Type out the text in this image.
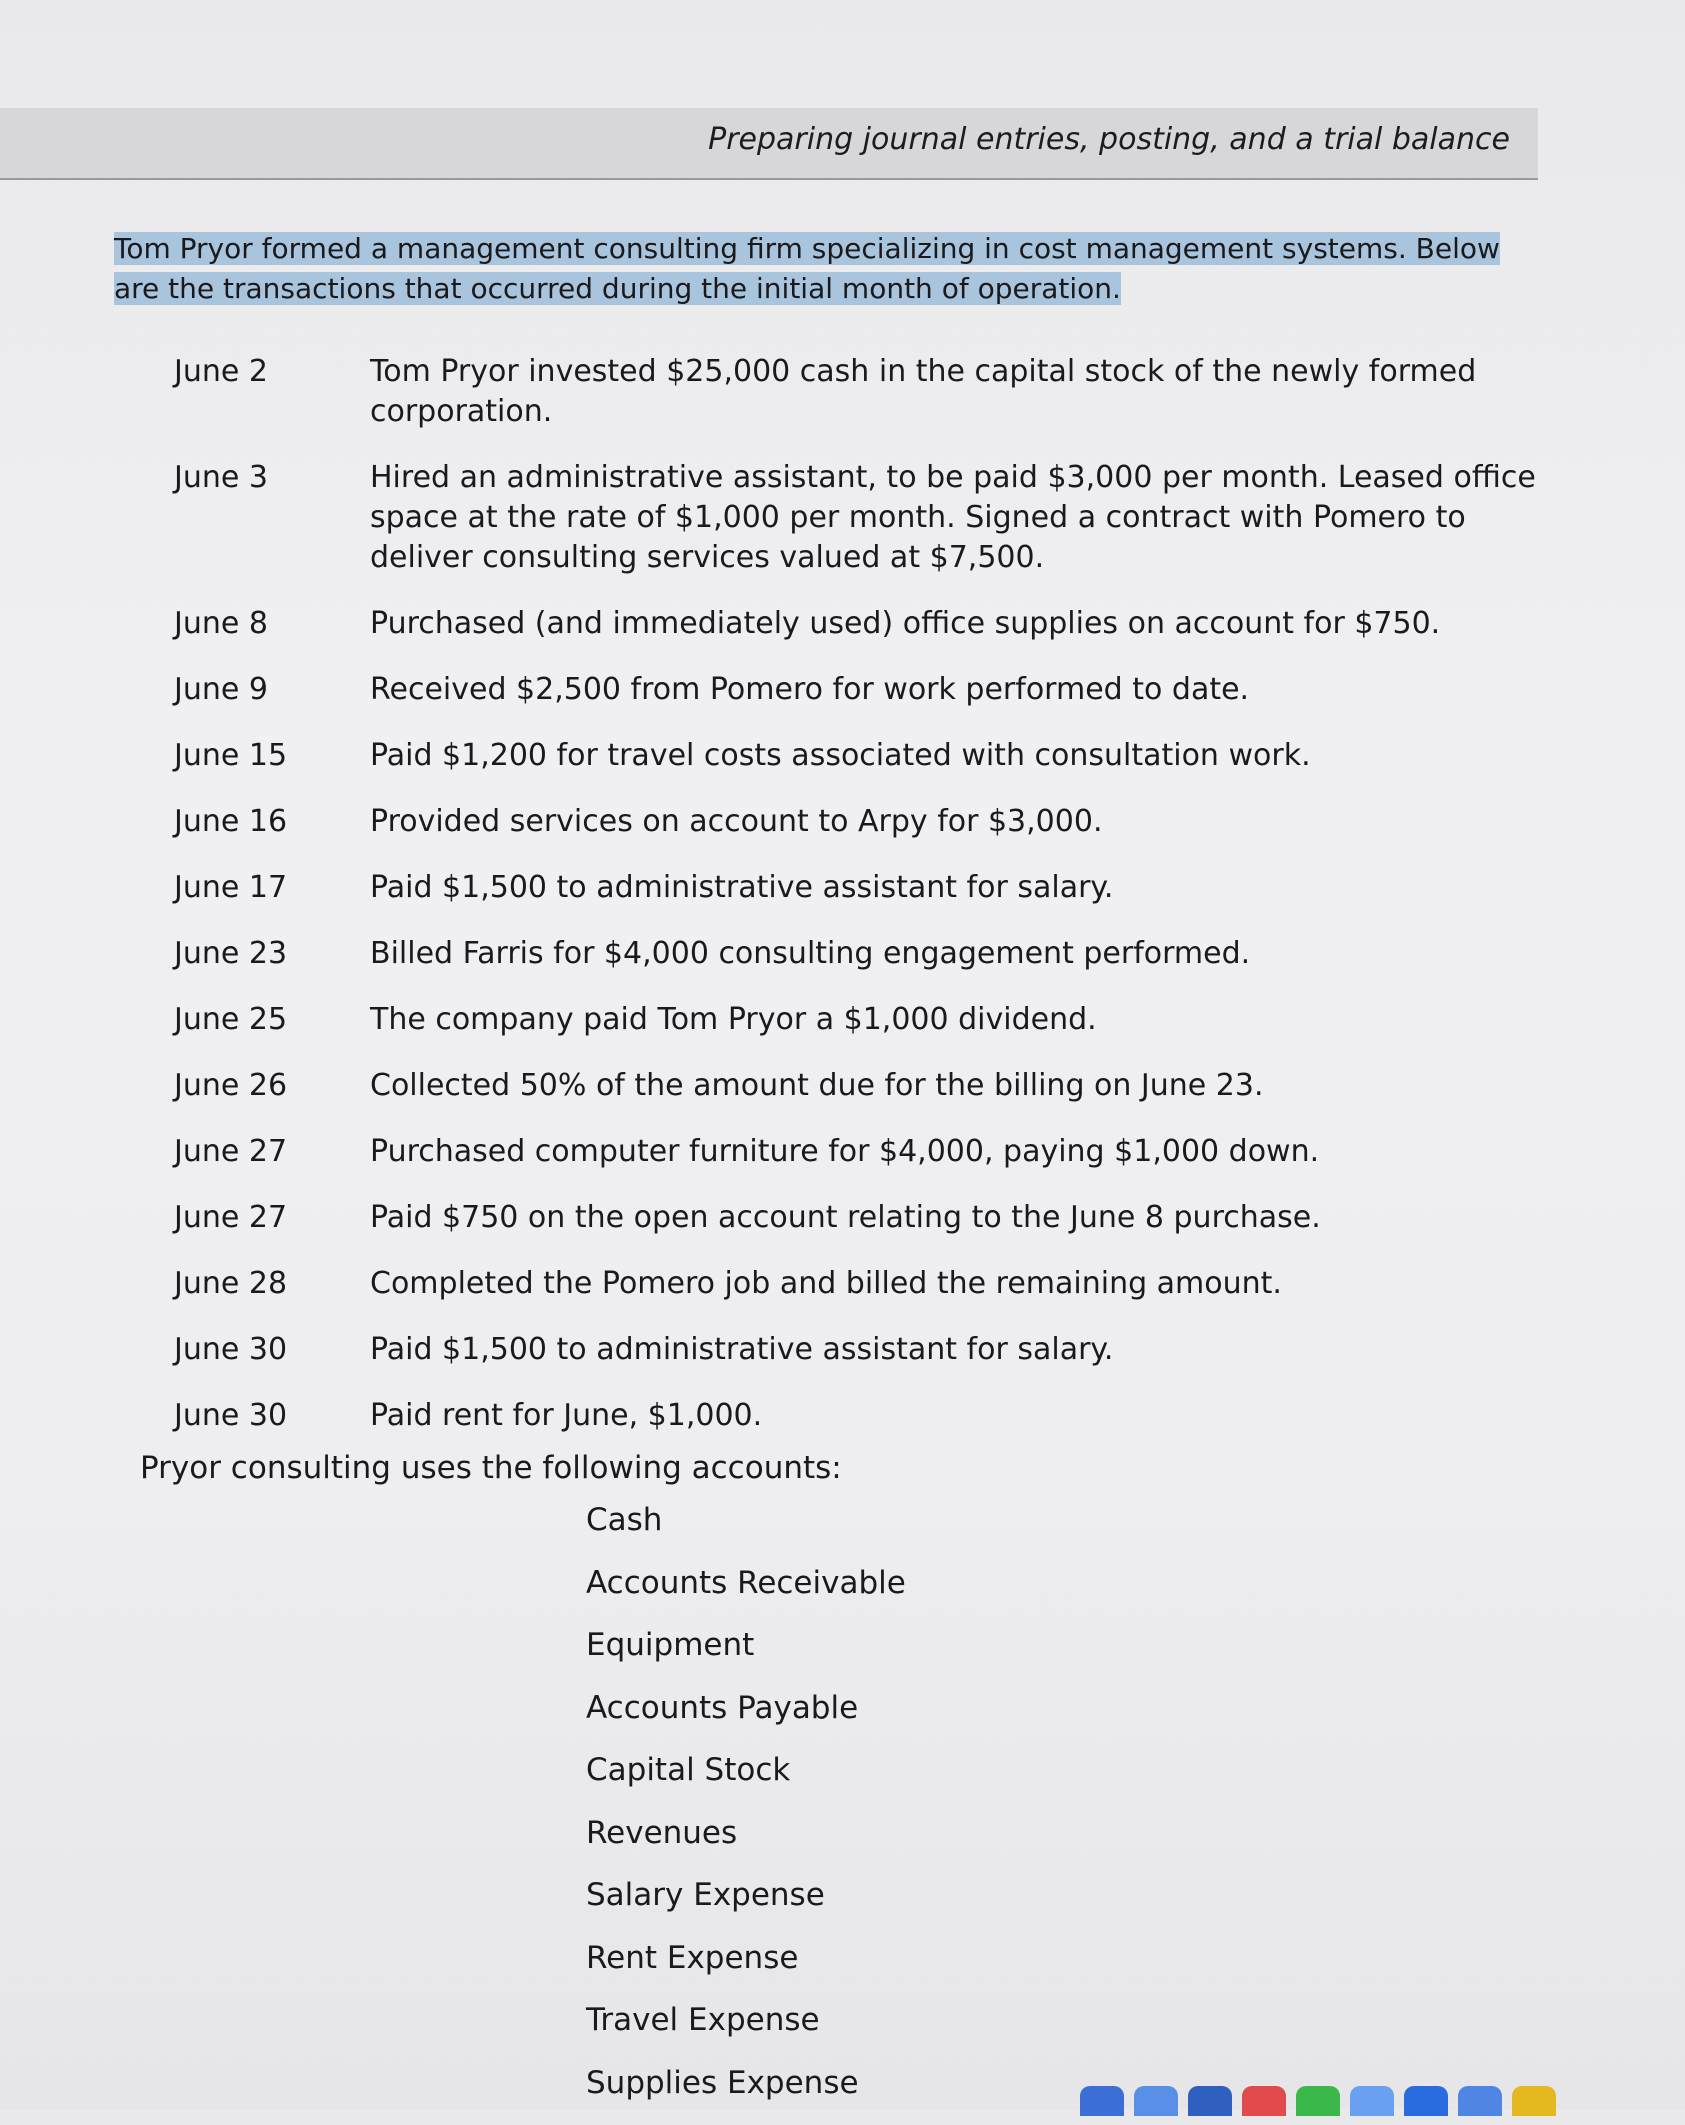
Preparing journal entries, posting, and a trial balance
Tom Pryor formed a management consulting firm specializing in cost management systems. Below are the transactions that occurred during the initial month of operation.
June 2	Tom Pryor invested $25,000 cash in the capital stock of the newly formed corporation.
June 3	Hired an administrative assistant, to be paid $3,000 per month. Leased office space at the rate of $1,000 per month. Signed a contract with Pomero to deliver consulting services valued at $7,500.
June 8	Purchased (and immediately used) office supplies on account for $750.
June 9	Received $2,500 from Pomero for work performed to date.
June 15	Paid $1,200 for travel costs associated with consultation work.
June 16	Provided services on account to Arpy for $3,000.
June 17	Paid $1,500 to administrative assistant for salary.
June 23	Billed Farris for $4,000 consulting engagement performed.
June 25	The company paid Tom Pryor a $1,000 dividend.
June 26	Collected 50% of the amount due for the billing on June 23.
June 27	Purchased computer furniture for $4,000, paying $1,000 down.
June 27	Paid $750 on the open account relating to the June 8 purchase.
June 28	Completed the Pomero job and billed the remaining amount.
June 30	Paid $1,500 to administrative assistant for salary.
June 30	Paid rent for June, $1,000.
Pryor consulting uses the following accounts:
Cash
Accounts Receivable
Equipment
Accounts Payable
Capital Stock
Revenues
Salary Expense
Rent Expense
Travel Expense
Supplies Expense
